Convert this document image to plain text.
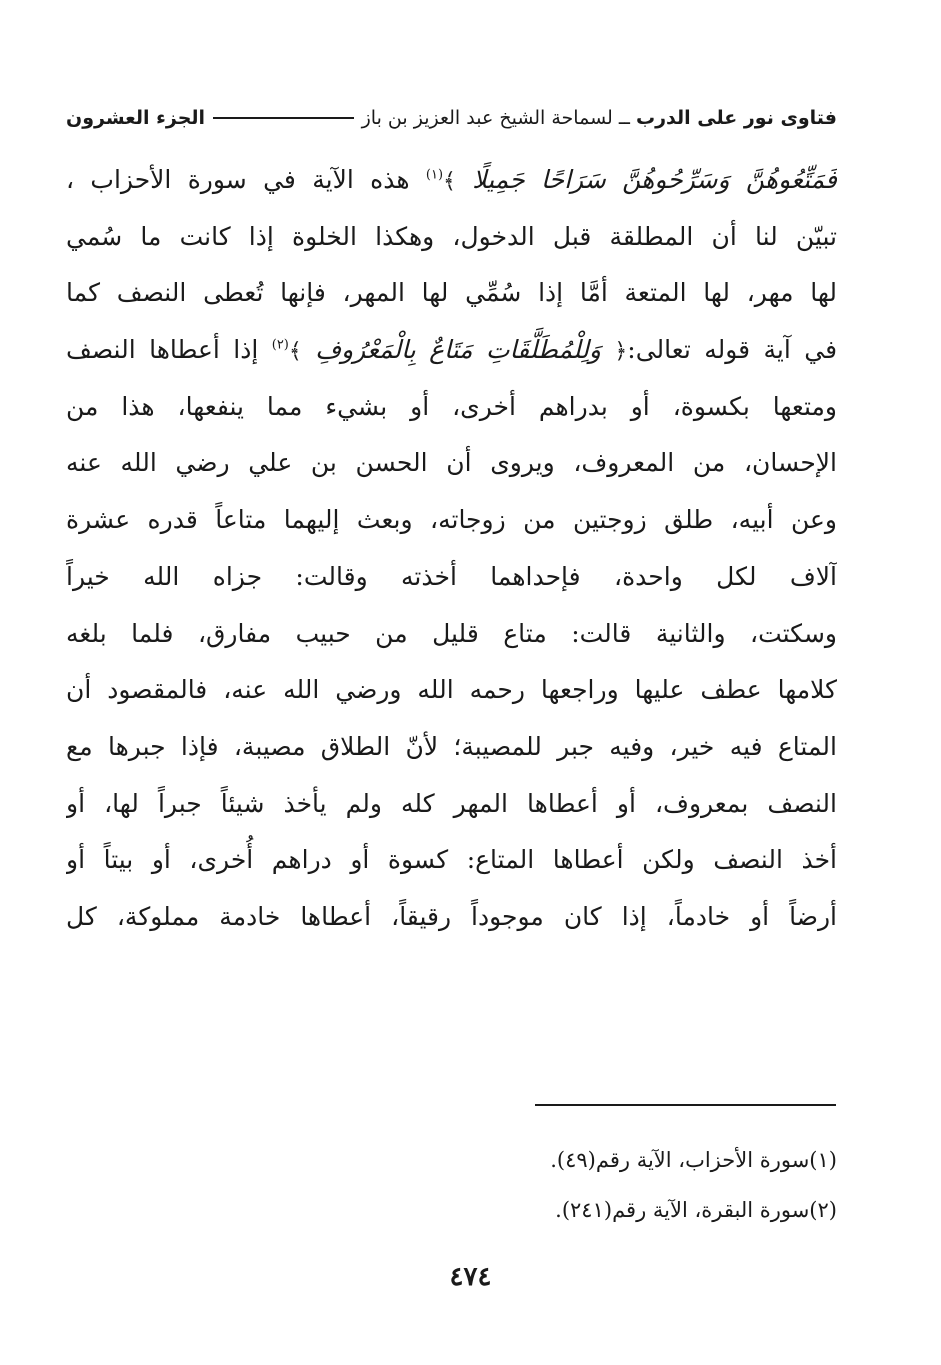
فتاوى نور على الدرب
ــ لسماحة الشيخ عبد العزيز بن باز
الجزء العشرون
فَمَتِّعُوهُنَّ وَسَرِّحُوهُنَّ سَرَاحًا جَمِيلًا ﴾$^{(١)}$ هذه الآية في سورة الأحزاب ،
تبيّن لنا أن المطلقة قبل الدخول، وهكذا الخلوة إذا كانت ما سُمي
لها مهر، لها المتعة أمَّا إذا سُمِّي لها المهر، فإنها تُعطى النصف كما
في آية قوله تعالى:﴿ وَلِلْمُطَلَّقَاتِ مَتَاعٌ بِالْمَعْرُوفِ ﴾$^{(٢)}$ إذا أعطاها النصف
ومتعها بكسوة، أو بدراهم أخرى، أو بشيء مما ينفعها، هذا من
الإحسان، من المعروف، ويروى أن الحسن بن علي رضي الله عنه
وعن أبيه، طلق زوجتين من زوجاته، وبعث إليهما متاعاً قدره عشرة
آلاف لكل واحدة، فإحداهما أخذته وقالت: جزاه الله خيراً
وسكتت، والثانية قالت: متاع قليل من حبيب مفارق، فلما بلغه
كلامها عطف عليها وراجعها رحمه الله ورضي الله عنه، فالمقصود أن
المتاع فيه خير، وفيه جبر للمصيبة؛ لأنّ الطلاق مصيبة، فإذا جبرها مع
النصف بمعروف، أو أعطاها المهر كله ولم يأخذ شيئاً جبراً لها، أو
أخذ النصف ولكن أعطاها المتاع: كسوة أو دراهم أُخرى، أو بيتاً أو
أرضاً أو خادماً، إذا كان موجوداً رقيقاً، أعطاها خادمة مملوكة، كل
(١)سورة الأحزاب، الآية رقم(٤٩).
(٢)سورة البقرة، الآية رقم(٢٤١).
٤٧٤
